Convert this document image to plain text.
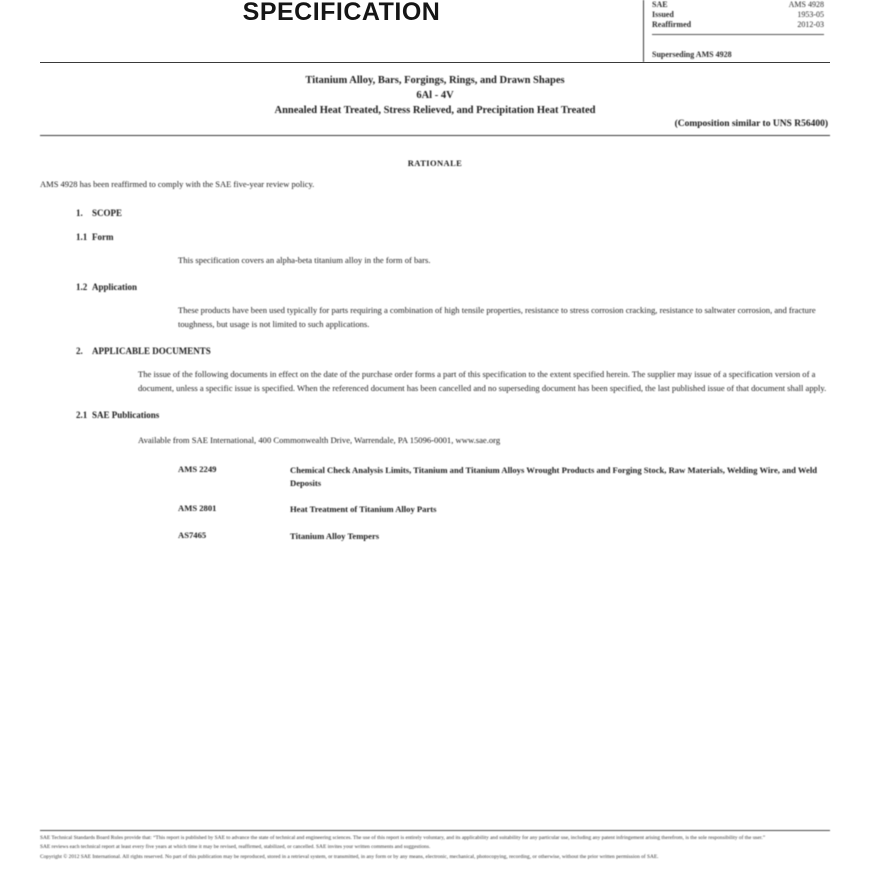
SPECIFICATION	SAE	AMS 4928
Issued	1953-05
Reaffirmed	2012-03
Superseding AMS 4928
Titanium Alloy, Bars, Forgings, Rings, and Drawn Shapes
6Al - 4V
Annealed Heat Treated, Stress Relieved, and Precipitation Heat Treated
(Composition similar to UNS R56400)
RATIONALE
AMS 4928 has been reaffirmed to comply with the SAE five-year review policy.
1.	SCOPE
1.1 Form
This specification covers an alpha-beta titanium alloy in the form of bars.
1.2 Application
These products have been used typically for parts requiring a combination of high tensile properties, resistance to stress corrosion cracking, resistance to saltwater corrosion, and fracture toughness, but usage is not limited to such applications.
2.	APPLICABLE DOCUMENTS
The issue of the following documents in effect on the date of the purchase order forms a part of this specification to the extent specified herein. The supplier may issue of a specification version of a document, unless a specific issue is specified. When the referenced document has been cancelled and no superseding document has been specified, the last published issue of that document shall apply.
2.1 SAE Publications
Available from SAE International, 400 Commonwealth Drive, Warrendale, PA 15096-0001, www.sae.org
AMS 2249	Chemical Check Analysis Limits, Titanium and Titanium Alloys Wrought Products and Forging Stock, Raw Materials, Welding Wire, and Weld Deposits
AMS 2801	Heat Treatment of Titanium Alloy Parts
AS7465	Titanium Alloy Tempers

SAE Technical Standards Board Rules provide that: “This report is published by SAE to advance the state of technical and engineering sciences. The use of this report is entirely voluntary, and its applicability and suitability for any particular use, including any patent infringement arising therefrom, is the sole responsibility of the user.”

SAE reviews each technical report at least every five years at which time it may be revised, reaffirmed, stabilized, or cancelled. SAE invites your written comments and suggestions.

Copyright © 2012 SAE International. All rights reserved. No part of this publication may be reproduced, stored in a retrieval system, or transmitted, in any form or by any means, electronic, mechanical, photocopying, recording, or otherwise, without the prior written permission of SAE.
